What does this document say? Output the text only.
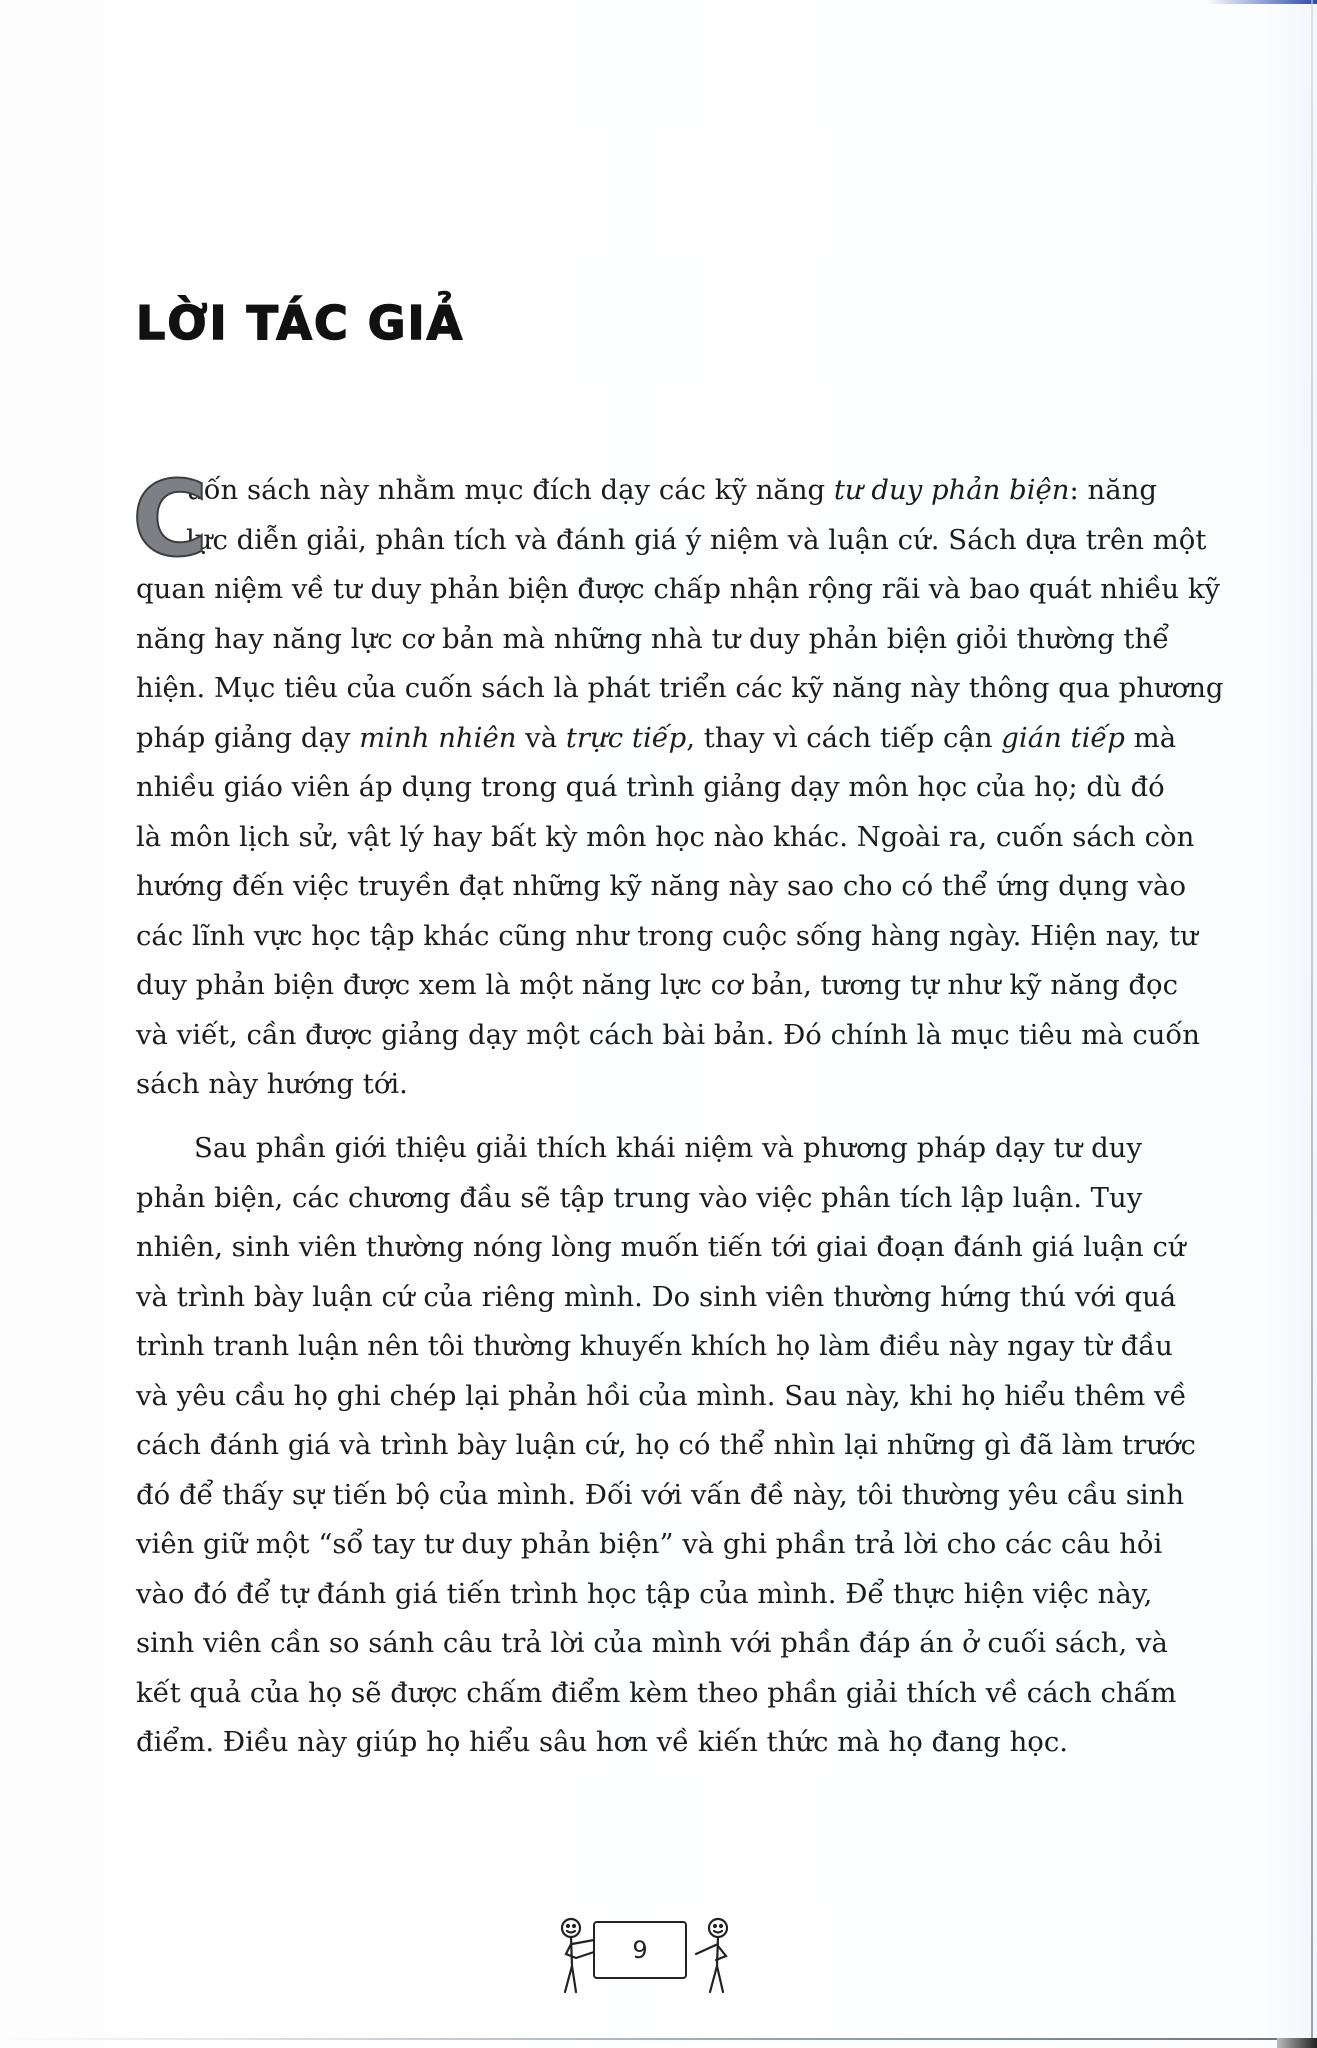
LỜI TÁC GIẢ
C
uốn sách này nhằm mục đích dạy các kỹ năng tư duy phản biện: năng
lực diễn giải, phân tích và đánh giá ý niệm và luận cứ. Sách dựa trên một
quan niệm về tư duy phản biện được chấp nhận rộng rãi và bao quát nhiều kỹ
năng hay năng lực cơ bản mà những nhà tư duy phản biện giỏi thường thể
hiện. Mục tiêu của cuốn sách là phát triển các kỹ năng này thông qua phương
pháp giảng dạy minh nhiên và trực tiếp, thay vì cách tiếp cận gián tiếp mà
nhiều giáo viên áp dụng trong quá trình giảng dạy môn học của họ; dù đó
là môn lịch sử, vật lý hay bất kỳ môn học nào khác. Ngoài ra, cuốn sách còn
hướng đến việc truyền đạt những kỹ năng này sao cho có thể ứng dụng vào
các lĩnh vực học tập khác cũng như trong cuộc sống hàng ngày. Hiện nay, tư
duy phản biện được xem là một năng lực cơ bản, tương tự như kỹ năng đọc
và viết, cần được giảng dạy một cách bài bản. Đó chính là mục tiêu mà cuốn
sách này hướng tới.
Sau phần giới thiệu giải thích khái niệm và phương pháp dạy tư duy
phản biện, các chương đầu sẽ tập trung vào việc phân tích lập luận. Tuy
nhiên, sinh viên thường nóng lòng muốn tiến tới giai đoạn đánh giá luận cứ
và trình bày luận cứ của riêng mình. Do sinh viên thường hứng thú với quá
trình tranh luận nên tôi thường khuyến khích họ làm điều này ngay từ đầu
và yêu cầu họ ghi chép lại phản hồi của mình. Sau này, khi họ hiểu thêm về
cách đánh giá và trình bày luận cứ, họ có thể nhìn lại những gì đã làm trước
đó để thấy sự tiến bộ của mình. Đối với vấn đề này, tôi thường yêu cầu sinh
viên giữ một “sổ tay tư duy phản biện” và ghi phần trả lời cho các câu hỏi
vào đó để tự đánh giá tiến trình học tập của mình. Để thực hiện việc này,
sinh viên cần so sánh câu trả lời của mình với phần đáp án ở cuối sách, và
kết quả của họ sẽ được chấm điểm kèm theo phần giải thích về cách chấm
điểm. Điều này giúp họ hiểu sâu hơn về kiến thức mà họ đang học.
9
